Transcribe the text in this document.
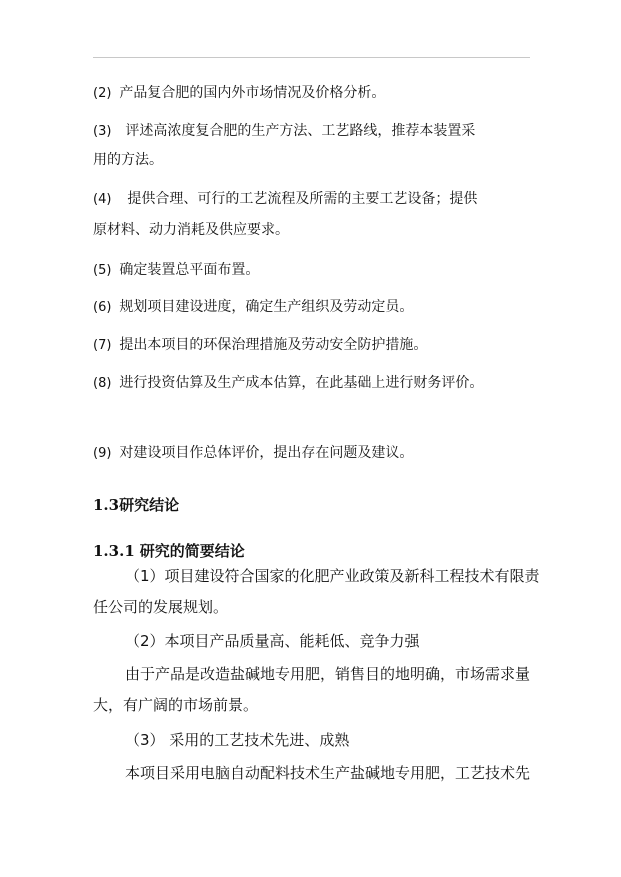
(2) 产品复合肥的国内外市场情况及价格分析。
(3) 评述高浓度复合肥的生产方法、工艺路线，推荐本装置采
用的方法。
(4) 提供合理、可行的工艺流程及所需的主要工艺设备；提供
原材料、动力消耗及供应要求。
(5) 确定装置总平面布置。
(6) 规划项目建设进度，确定生产组织及劳动定员。
(7) 提出本项目的环保治理措施及劳动安全防护措施。
(8) 进行投资估算及生产成本估算，在此基础上进行财务评价。
(9) 对建设项目作总体评价，提出存在问题及建议。
1.3研究结论
1.3.1 研究的简要结论
（1）项目建设符合国家的化肥产业政策及新科工程技术有限责
任公司的发展规划。
（2）本项目产品质量高、能耗低、竞争力强
由于产品是改造盐碱地专用肥，销售目的地明确，市场需求量
大，有广阔的市场前景。
（3） 采用的工艺技术先进、成熟
本项目采用电脑自动配料技术生产盐碱地专用肥，工艺技术先
